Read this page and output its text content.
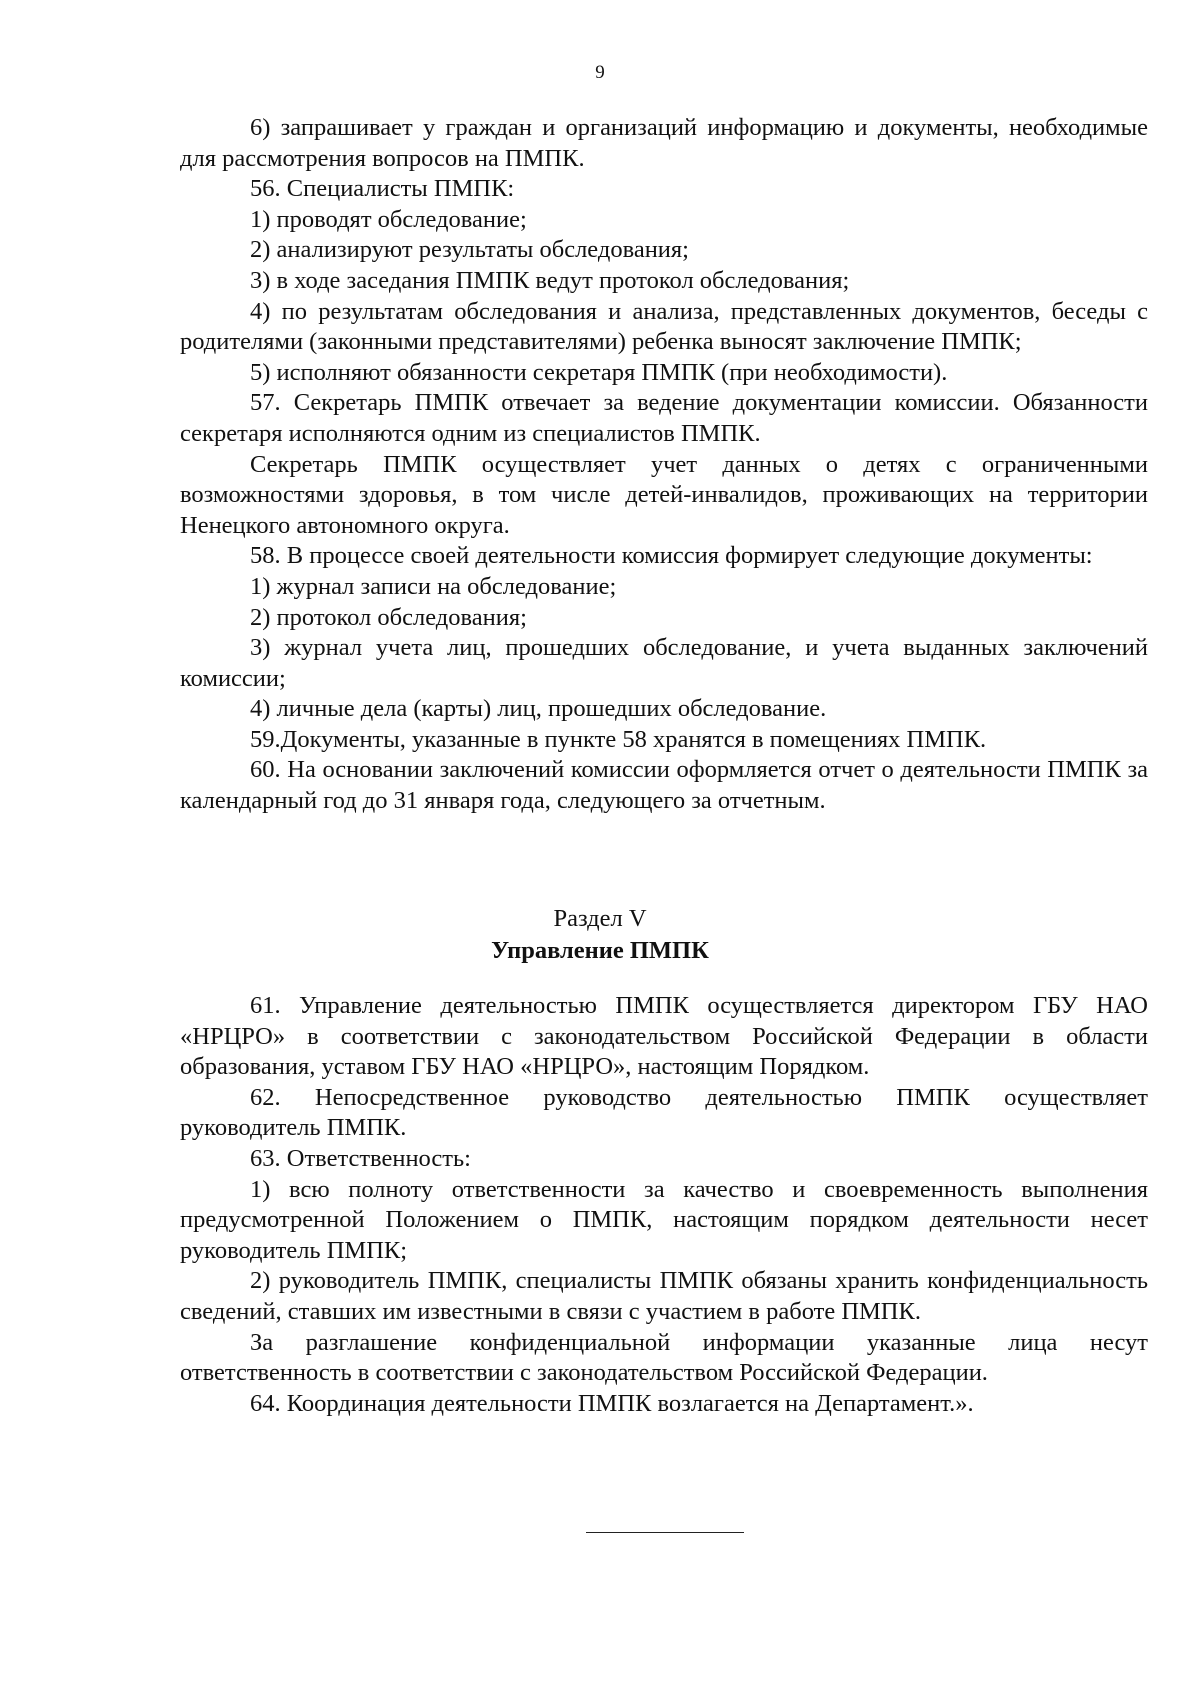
9

6) запрашивает у граждан и организаций информацию и документы, необходимые для рассмотрения вопросов на ПМПК.

56. Специалисты ПМПК:

1) проводят обследование;

2) анализируют результаты обследования;

3) в ходе заседания ПМПК ведут протокол обследования;

4) по результатам обследования и анализа, представленных документов, беседы с родителями (законными представителями) ребенка выносят заключение ПМПК;

5) исполняют обязанности секретаря ПМПК (при необходимости).

57. Секретарь ПМПК отвечает за ведение документации комиссии. Обязанности секретаря исполняются одним из специалистов ПМПК.

Секретарь ПМПК осуществляет учет данных о детях с ограниченными возможностями здоровья, в том числе детей-инвалидов, проживающих на территории Ненецкого автономного округа.

58. В процессе своей деятельности комиссия формирует следующие документы:

1) журнал записи на обследование;

2) протокол обследования;

3) журнал учета лиц, прошедших обследование, и учета выданных заключений комиссии;

4) личные дела (карты) лиц, прошедших обследование.

59.Документы, указанные в пункте 58 хранятся в помещениях ПМПК.

60. На основании заключений комиссии оформляется отчет о деятельности ПМПК за календарный год до 31 января года, следующего за отчетным.

Раздел V
Управление ПМПК

61. Управление деятельностью ПМПК осуществляется директором ГБУ НАО «НРЦРО» в соответствии с законодательством Российской Федерации в области образования, уставом ГБУ НАО «НРЦРО», настоящим Порядком.

62. Непосредственное руководство деятельностью ПМПК осуществляет руководитель ПМПК.

63. Ответственность:

1) всю полноту ответственности за качество и своевременность выполнения предусмотренной Положением о ПМПК, настоящим порядком деятельности несет руководитель ПМПК;

2) руководитель ПМПК, специалисты ПМПК обязаны хранить конфиденциальность сведений, ставших им известными в связи с участием в работе ПМПК.

За разглашение конфиденциальной информации указанные лица несут ответственность в соответствии с законодательством Российской Федерации.

64. Координация деятельности ПМПК возлагается на Департамент.».
